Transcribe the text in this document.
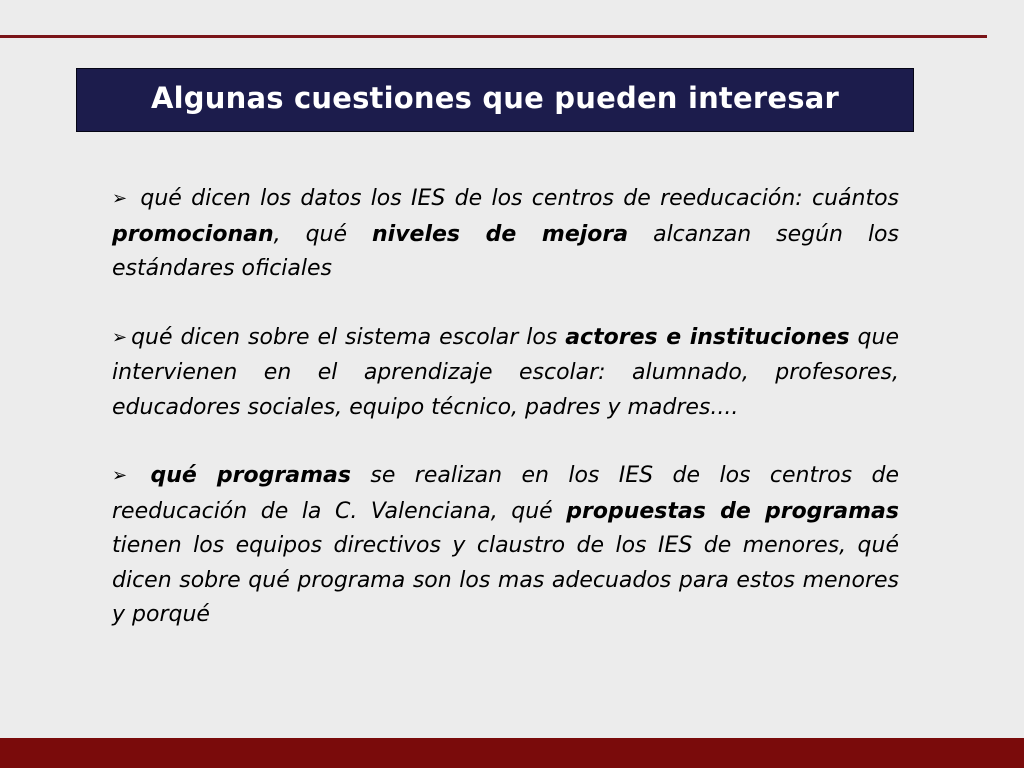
Algunas cuestiones que pueden interesar

➢ qué dicen los datos los IES de los centros de reeducación: cuántos promocionan, qué niveles de mejora alcanzan según los estándares oficiales

➢ qué dicen sobre el sistema escolar los actores e instituciones que intervienen en el aprendizaje escolar: alumnado, profesores, educadores sociales, equipo técnico, padres y madres....

➢ qué programas se realizan en los IES de los centros de reeducación de la C. Valenciana, qué propuestas de programas tienen los equipos directivos y claustro de los IES de menores, qué dicen sobre qué programa son los mas adecuados para estos menores y porqué
